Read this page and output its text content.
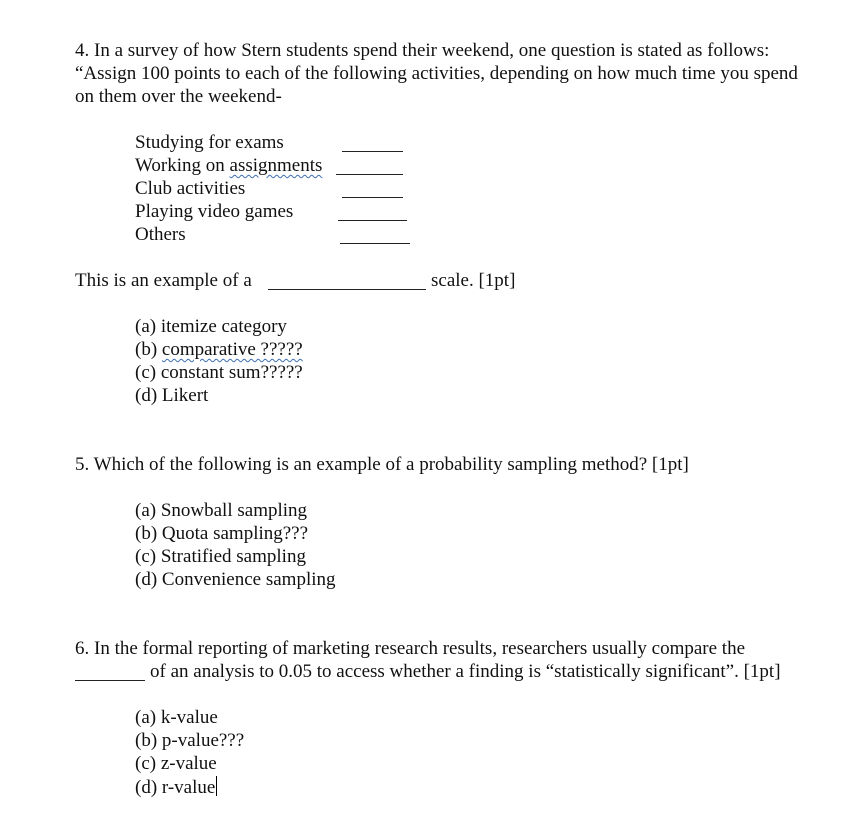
4. In a survey of how Stern students spend their weekend, one question is stated as follows:
“Assign 100 points to each of the following activities, depending on how much time you spend
on them over the weekend-
Studying for exams
Working on assignments
Club activities
Playing video games
Others
This is an example of a	scale. [1pt]
(a) itemize category
(b) comparative ?????
(c) constant sum?????
(d) Likert
5. Which of the following is an example of a probability sampling method? [1pt]
(a) Snowball sampling
(b) Quota sampling???
(c) Stratified sampling
(d) Convenience sampling
6. In the formal reporting of marketing research results, researchers usually compare the
of an analysis to 0.05 to access whether a finding is “statistically significant”. [1pt]
(a) k-value
(b) p-value???
(c) z-value
(d) r-value
